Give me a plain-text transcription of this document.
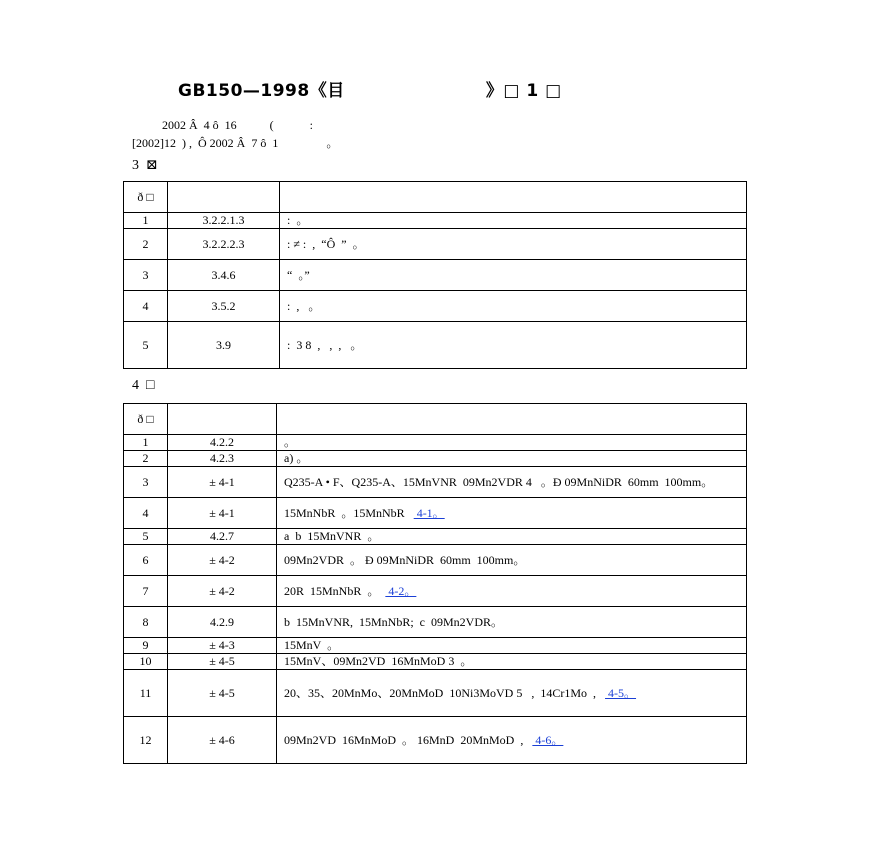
GB150—1998《目                      》□ 1 □
2002 Â  4 ô  16           (‌            :
[2002]12 ‌ ) ,  Ô 2002 Â  7 ô  1 ‌               。
3  ⊠
ð □		
1	3.2.2.1.3	‌ : ‌ 。
2	3.2.2.2.3	‌ : ≠ : ‌ , ‌ “Ô ‌ ” ‌ 。
3	3.4.6	‌ “‌ ‌ 。” ‌
4	3.5.2	‌ : ‌ , ‌ ‌ 。
5	3.9	‌ : ‌ 3 8 ‌ , ‌ ‌ , ‌ , ‌ ‌ 。
4  □
ð □	‌ ‌	
1	4.2.2	‌ 。
2	4.2.3	‌ a)‌ 。
3	± 4-1	‌ Q235-A • F、Q235-A、15MnVNR ‌ 09Mn2VDR 4 ‌ ‌ 。Ð 09MnNiDR ‌ 60mm ‌ 100mm。
4	± 4-1	‌ 15MnNbR ‌ 。15MnNbR ‌ ‌ ‌ 4-1。
5	4.2.7	‌ a ‌ b ‌ 15MnVNR ‌ 。
6	± 4-2	‌ 09Mn2VDR ‌ 。 Ð 09MnNiDR ‌ 60mm ‌ 100mm。
7	± 4-2	‌ 20R ‌ 15MnNbR ‌ 。‌ ‌ ‌ 4-2。
8	4.2.9	‌ b ‌ 15MnVNR, ‌ 15MnNbR; ‌ c ‌ 09Mn2VDR。
9	± 4-3	‌ 15MnV ‌ 。
10	± 4-5	‌ 15MnV、09Mn2VD ‌ 16MnMoD 3 ‌ 。
11	± 4-5	‌ 20、35、20MnMo、20MnMoD ‌ 10Ni3MoVD 5 ‌ ‌ , ‌ 14Cr1Mo ‌ , ‌ ‌ ‌ 4-5。
12	± 4-6	‌ 09Mn2VD ‌ 16MnMoD ‌ 。‌ 16MnD ‌ 20MnMoD ‌ , ‌ ‌ ‌ 4-6。
